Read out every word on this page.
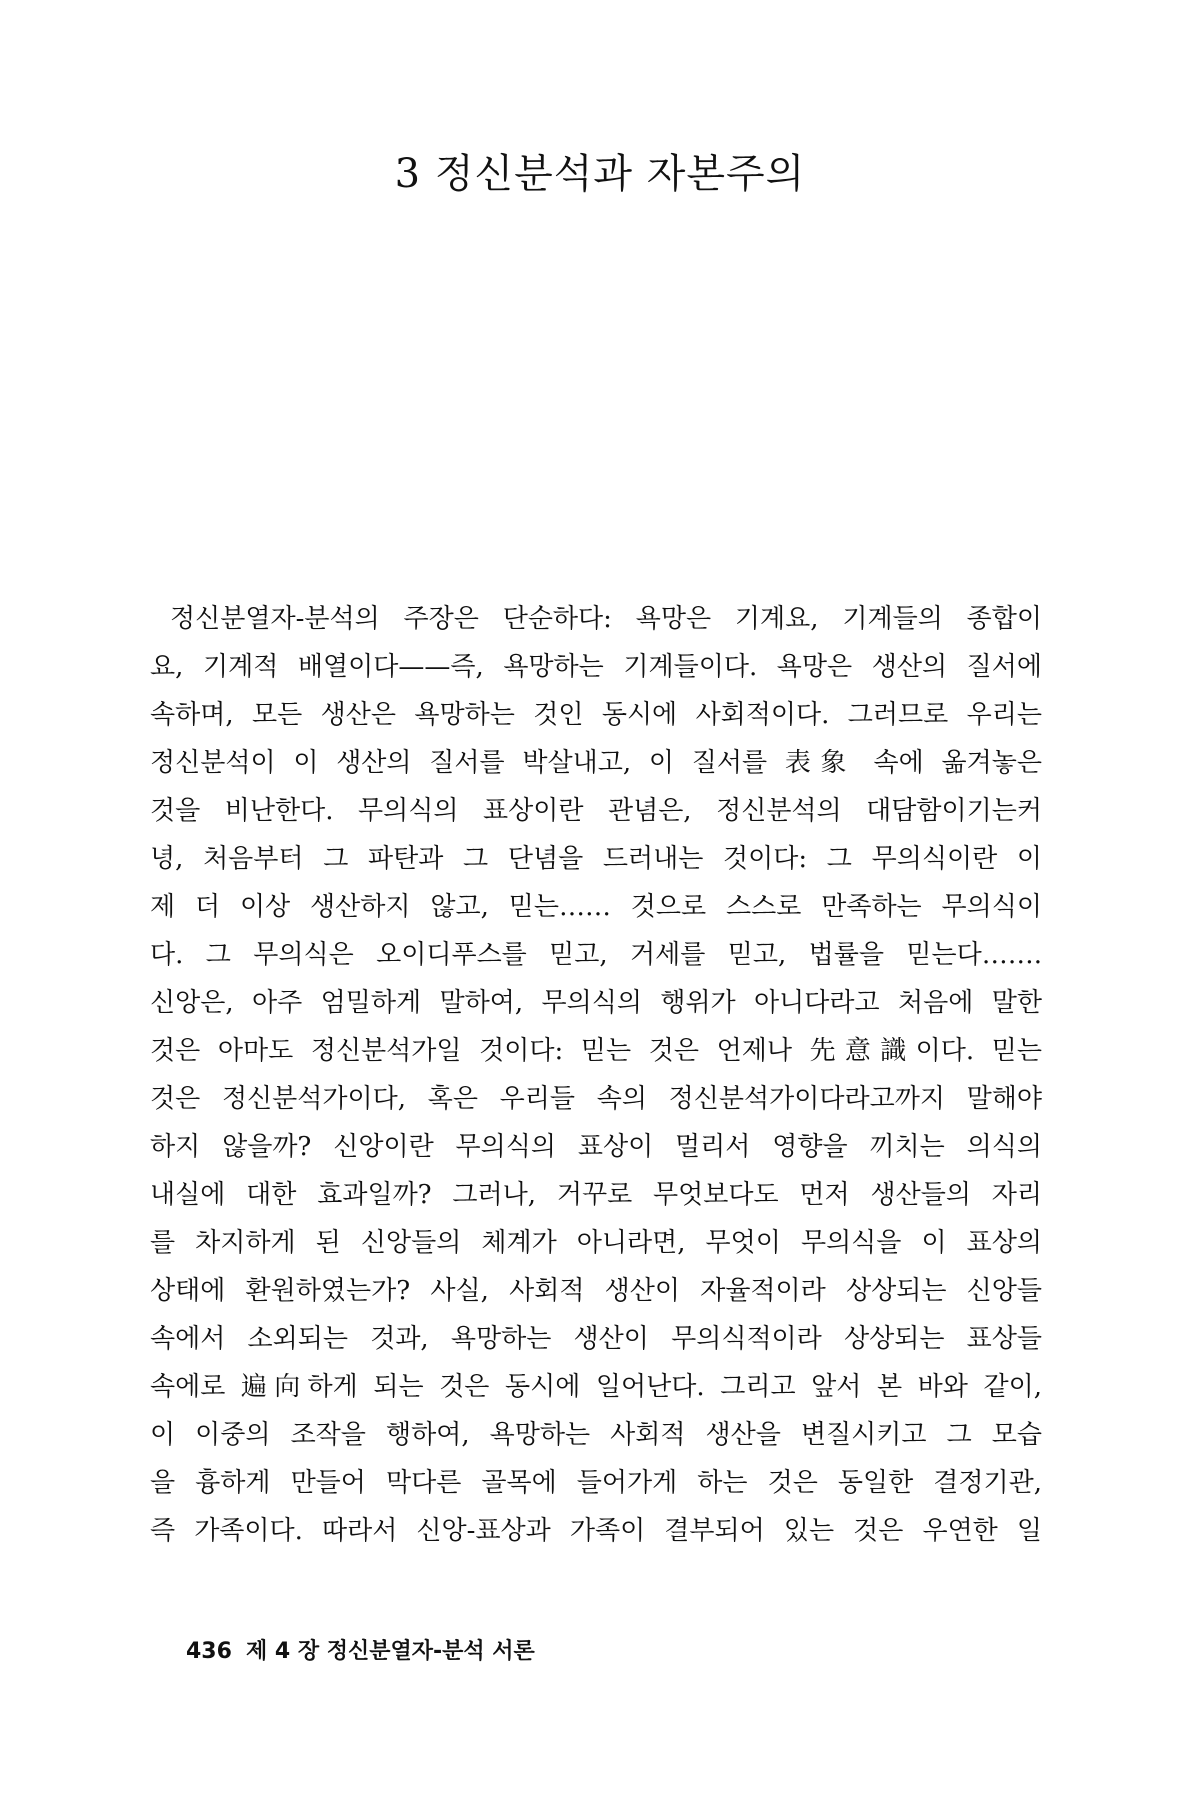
3 정신분석과 자본주의
정신분열자-분석의 주장은 단순하다: 욕망은 기계요, 기계들의 종합이
요, 기계적 배열이다——즉, 욕망하는 기계들이다. 욕망은 생산의 질서에
속하며, 모든 생산은 욕망하는 것인 동시에 사회적이다. 그러므로 우리는
정신분석이 이 생산의 질서를 박살내고, 이 질서를 表象 속에 옮겨놓은
것을 비난한다. 무의식의 표상이란 관념은, 정신분석의 대담함이기는커
녕, 처음부터 그 파탄과 그 단념을 드러내는 것이다: 그 무의식이란 이
제 더 이상 생산하지 않고, 믿는…… 것으로 스스로 만족하는 무의식이
다. 그 무의식은 오이디푸스를 믿고, 거세를 믿고, 법률을 믿는다…….
신앙은, 아주 엄밀하게 말하여, 무의식의 행위가 아니다라고 처음에 말한
것은 아마도 정신분석가일 것이다: 믿는 것은 언제나 先意識이다. 믿는
것은 정신분석가이다, 혹은 우리들 속의 정신분석가이다라고까지 말해야
하지 않을까? 신앙이란 무의식의 표상이 멀리서 영향을 끼치는 의식의
내실에 대한 효과일까? 그러나, 거꾸로 무엇보다도 먼저 생산들의 자리
를 차지하게 된 신앙들의 체계가 아니라면, 무엇이 무의식을 이 표상의
상태에 환원하였는가? 사실, 사회적 생산이 자율적이라 상상되는 신앙들
속에서 소외되는 것과, 욕망하는 생산이 무의식적이라 상상되는 표상들
속에로 遍向하게 되는 것은 동시에 일어난다. 그리고 앞서 본 바와 같이,
이 이중의 조작을 행하여, 욕망하는 사회적 생산을 변질시키고 그 모습
을 흉하게 만들어 막다른 골목에 들어가게 하는 것은 동일한 결정기관,
즉 가족이다. 따라서 신앙-표상과 가족이 결부되어 있는 것은 우연한 일
436 제 4 장 정신분열자-분석 서론
